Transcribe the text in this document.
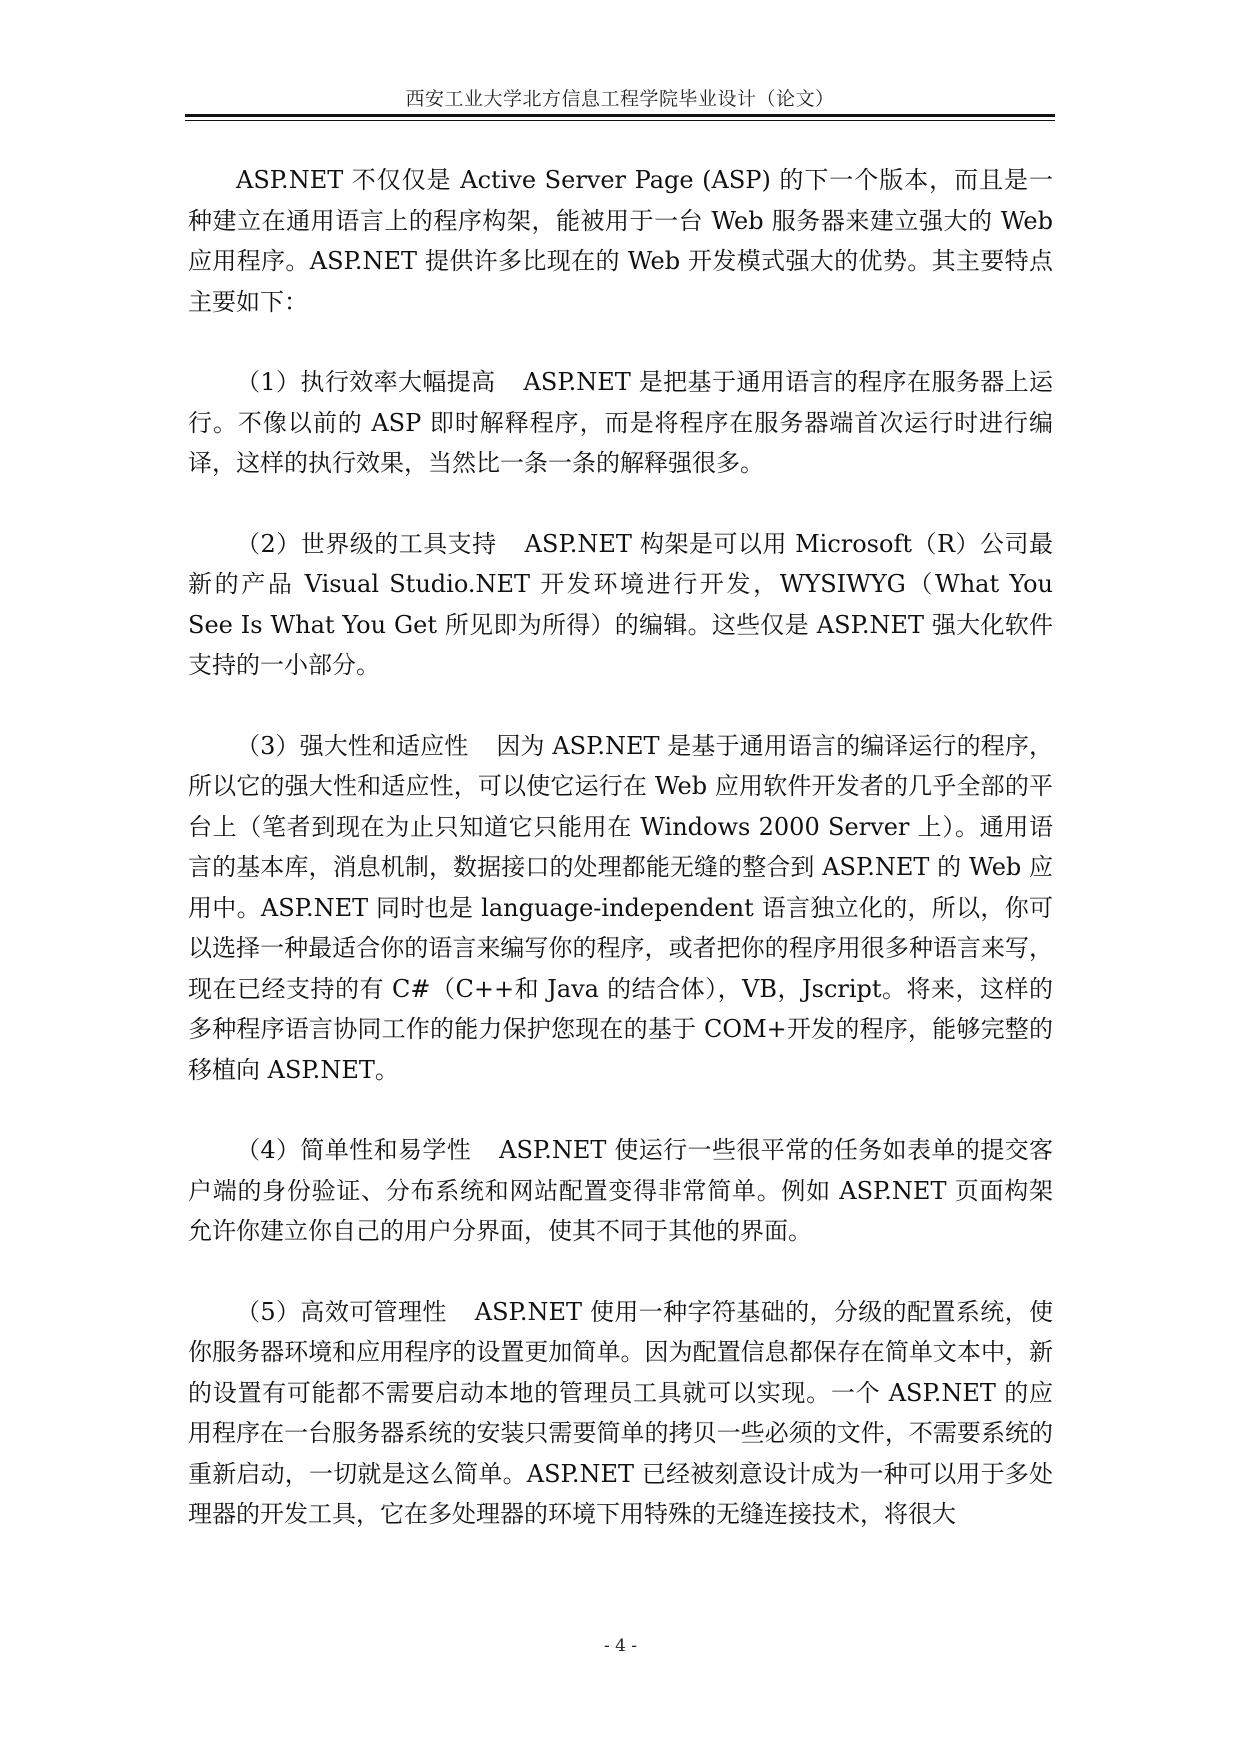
西安工业大学北方信息工程学院毕业设计（论文）

ASP.NET 不仅仅是 Active Server Page (ASP) 的下一个版本，而且是一种建立在通用语言上的程序构架，能被用于一台 Web 服务器来建立强大的 Web 应用程序。ASP.NET 提供许多比现在的 Web 开发模式强大的优势。其主要特点主要如下：

（1）执行效率大幅提高 ASP.NET 是把基于通用语言的程序在服务器上运行。不像以前的 ASP 即时解释程序，而是将程序在服务器端首次运行时进行编译，这样的执行效果，当然比一条一条的解释强很多。

（2）世界级的工具支持 ASP.NET 构架是可以用 Microsoft（R）公司最新的产品 Visual Studio.NET 开发环境进行开发，WYSIWYG（What You See Is What You Get 所见即为所得）的编辑。这些仅是 ASP.NET 强大化软件支持的一小部分。

（3）强大性和适应性 因为 ASP.NET 是基于通用语言的编译运行的程序，所以它的强大性和适应性，可以使它运行在 Web 应用软件开发者的几乎全部的平台上（笔者到现在为止只知道它只能用在 Windows 2000 Server 上）。通用语言的基本库，消息机制，数据接口的处理都能无缝的整合到 ASP.NET 的 Web 应用中。ASP.NET 同时也是 language-independent 语言独立化的，所以，你可以选择一种最适合你的语言来编写你的程序，或者把你的程序用很多种语言来写，现在已经支持的有 C#（C++和 Java 的结合体），VB，Jscript。将来，这样的多种程序语言协同工作的能力保护您现在的基于 COM+开发的程序，能够完整的移植向 ASP.NET。

（4）简单性和易学性 ASP.NET 使运行一些很平常的任务如表单的提交客户端的身份验证、分布系统和网站配置变得非常简单。例如 ASP.NET 页面构架允许你建立你自己的用户分界面，使其不同于其他的界面。

（5）高效可管理性 ASP.NET 使用一种字符基础的，分级的配置系统，使你服务器环境和应用程序的设置更加简单。因为配置信息都保存在简单文本中，新的设置有可能都不需要启动本地的管理员工具就可以实现。一个 ASP.NET 的应用程序在一台服务器系统的安装只需要简单的拷贝一些必须的文件，不需要系统的重新启动，一切就是这么简单。ASP.NET 已经被刻意设计成为一种可以用于多处理器的开发工具，它在多处理器的环境下用特殊的无缝连接技术，将很大

- 4 -
